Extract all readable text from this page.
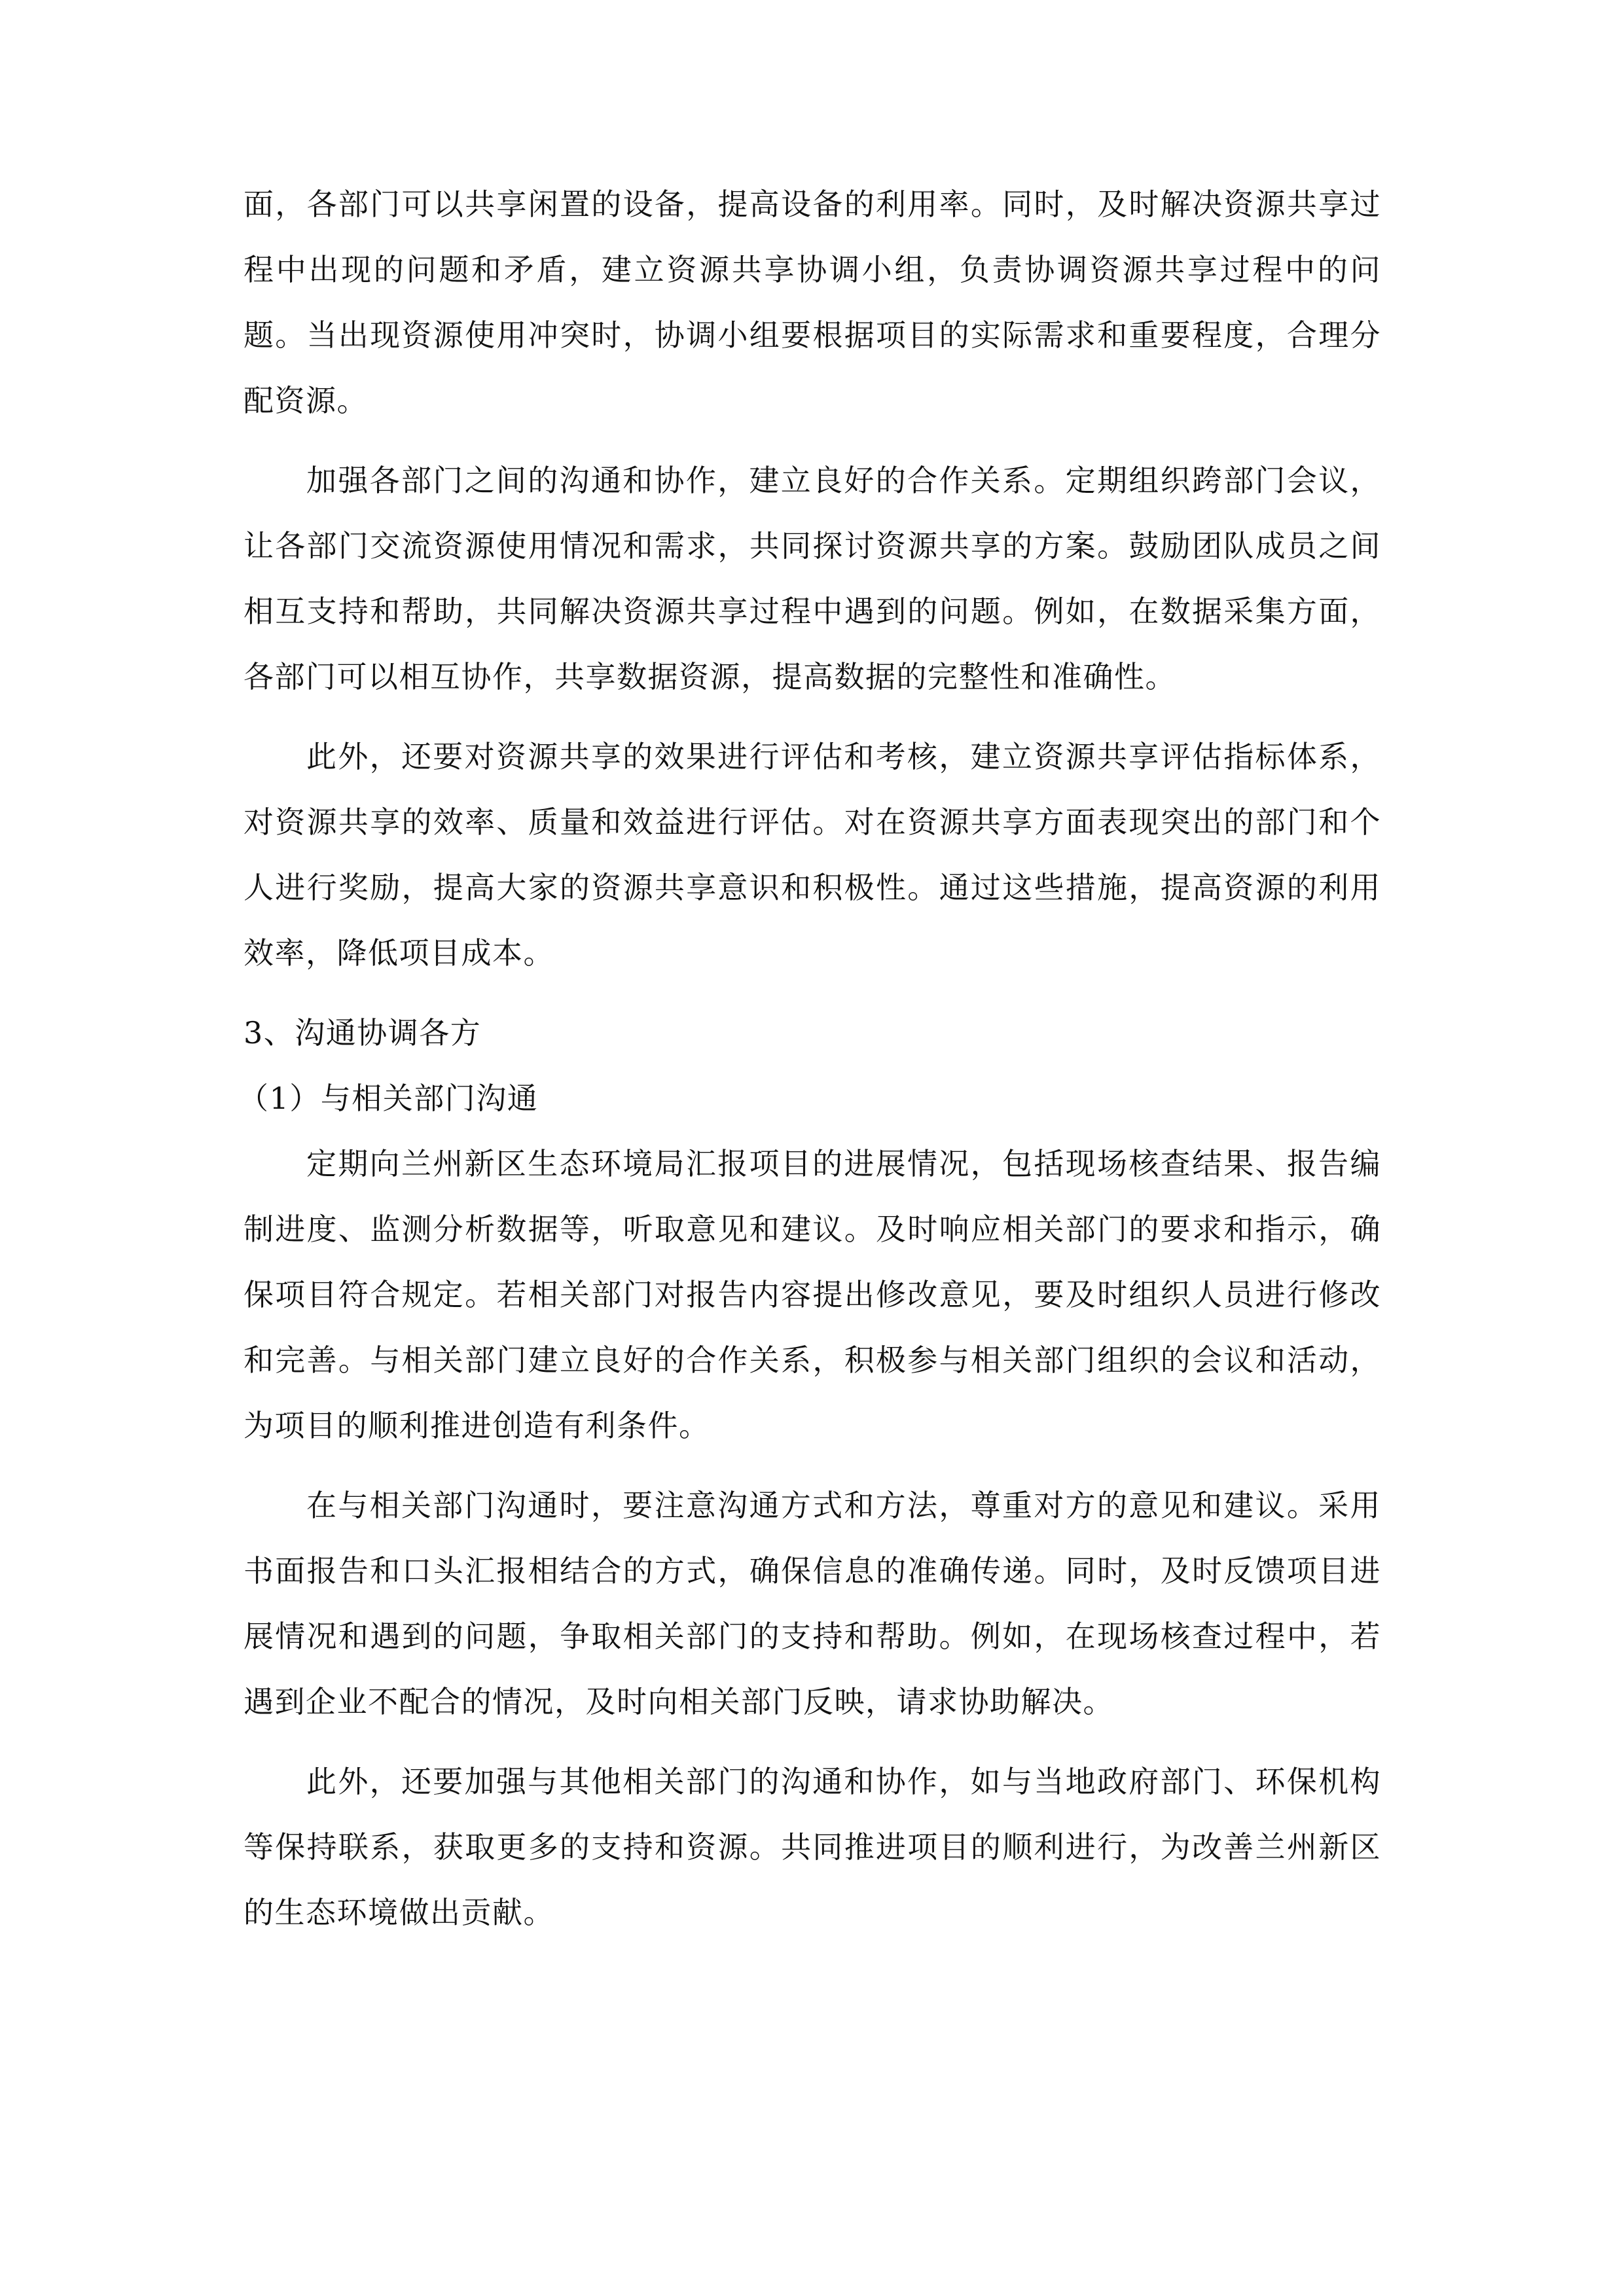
面，各部门可以共享闲置的设备，提高设备的利用率。同时，及时解决资源共享过程中出现的问题和矛盾，建立资源共享协调小组，负责协调资源共享过程中的问题。当出现资源使用冲突时，协调小组要根据项目的实际需求和重要程度，合理分配资源。

加强各部门之间的沟通和协作，建立良好的合作关系。定期组织跨部门会议，让各部门交流资源使用情况和需求，共同探讨资源共享的方案。鼓励团队成员之间相互支持和帮助，共同解决资源共享过程中遇到的问题。例如，在数据采集方面，各部门可以相互协作，共享数据资源，提高数据的完整性和准确性。

此外，还要对资源共享的效果进行评估和考核，建立资源共享评估指标体系，对资源共享的效率、质量和效益进行评估。对在资源共享方面表现突出的部门和个人进行奖励，提高大家的资源共享意识和积极性。通过这些措施，提高资源的利用效率，降低项目成本。

3、沟通协调各方

（1）与相关部门沟通

定期向兰州新区生态环境局汇报项目的进展情况，包括现场核查结果、报告编制进度、监测分析数据等，听取意见和建议。及时响应相关部门的要求和指示，确保项目符合规定。若相关部门对报告内容提出修改意见，要及时组织人员进行修改和完善。与相关部门建立良好的合作关系，积极参与相关部门组织的会议和活动，为项目的顺利推进创造有利条件。

在与相关部门沟通时，要注意沟通方式和方法，尊重对方的意见和建议。采用书面报告和口头汇报相结合的方式，确保信息的准确传递。同时，及时反馈项目进展情况和遇到的问题，争取相关部门的支持和帮助。例如，在现场核查过程中，若遇到企业不配合的情况，及时向相关部门反映，请求协助解决。

此外，还要加强与其他相关部门的沟通和协作，如与当地政府部门、环保机构等保持联系，获取更多的支持和资源。共同推进项目的顺利进行，为改善兰州新区的生态环境做出贡献。
